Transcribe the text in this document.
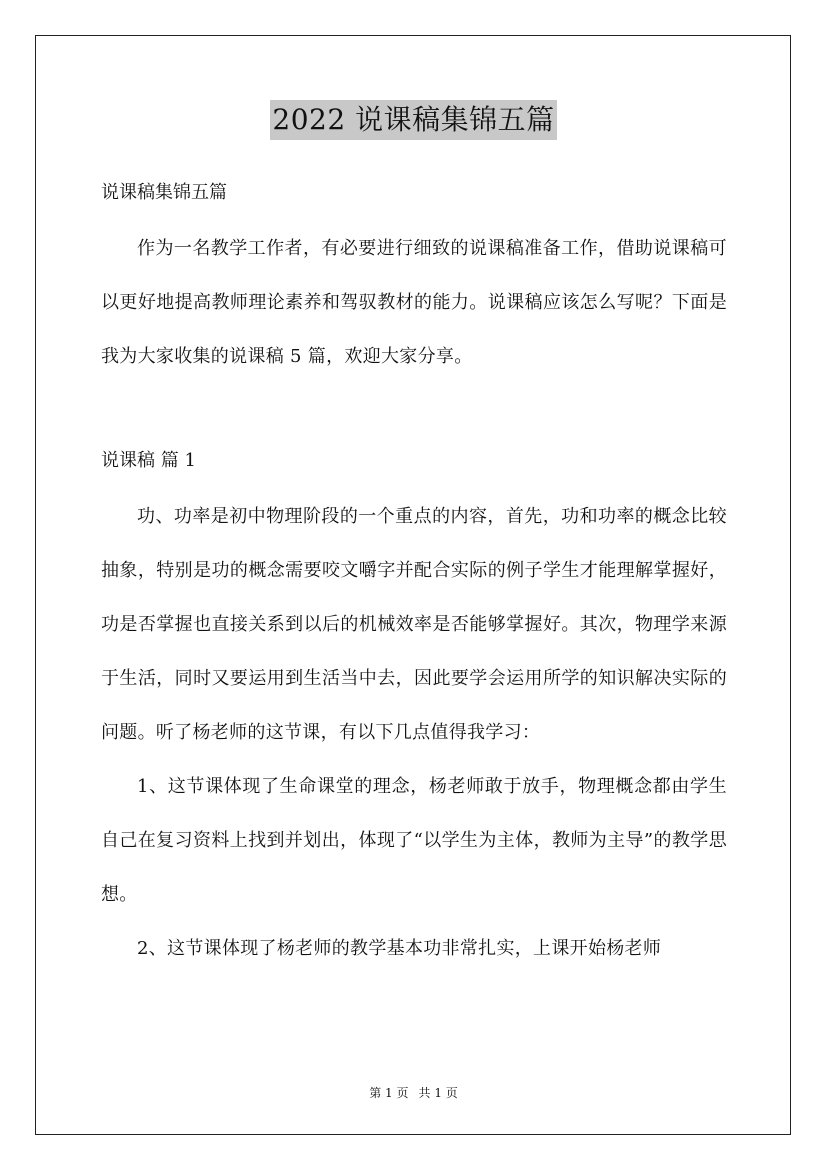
2022 说课稿集锦五篇

说课稿集锦五篇

作为一名教学工作者，有必要进行细致的说课稿准备工作，借助说课稿可以更好地提高教师理论素养和驾驭教材的能力。说课稿应该怎么写呢？下面是我为大家收集的说课稿 5 篇，欢迎大家分享。

说课稿 篇 1

功、功率是初中物理阶段的一个重点的内容，首先，功和功率的概念比较抽象，特别是功的概念需要咬文嚼字并配合实际的例子学生才能理解掌握好，功是否掌握也直接关系到以后的机械效率是否能够掌握好。其次，物理学来源于生活，同时又要运用到生活当中去，因此要学会运用所学的知识解决实际的问题。听了杨老师的这节课，有以下几点值得我学习：

1、这节课体现了生命课堂的理念，杨老师敢于放手，物理概念都由学生自己在复习资料上找到并划出，体现了“以学生为主体，教师为主导”的教学思想。

2、这节课体现了杨老师的教学基本功非常扎实，上课开始杨老师

第 1 页 共 1 页
